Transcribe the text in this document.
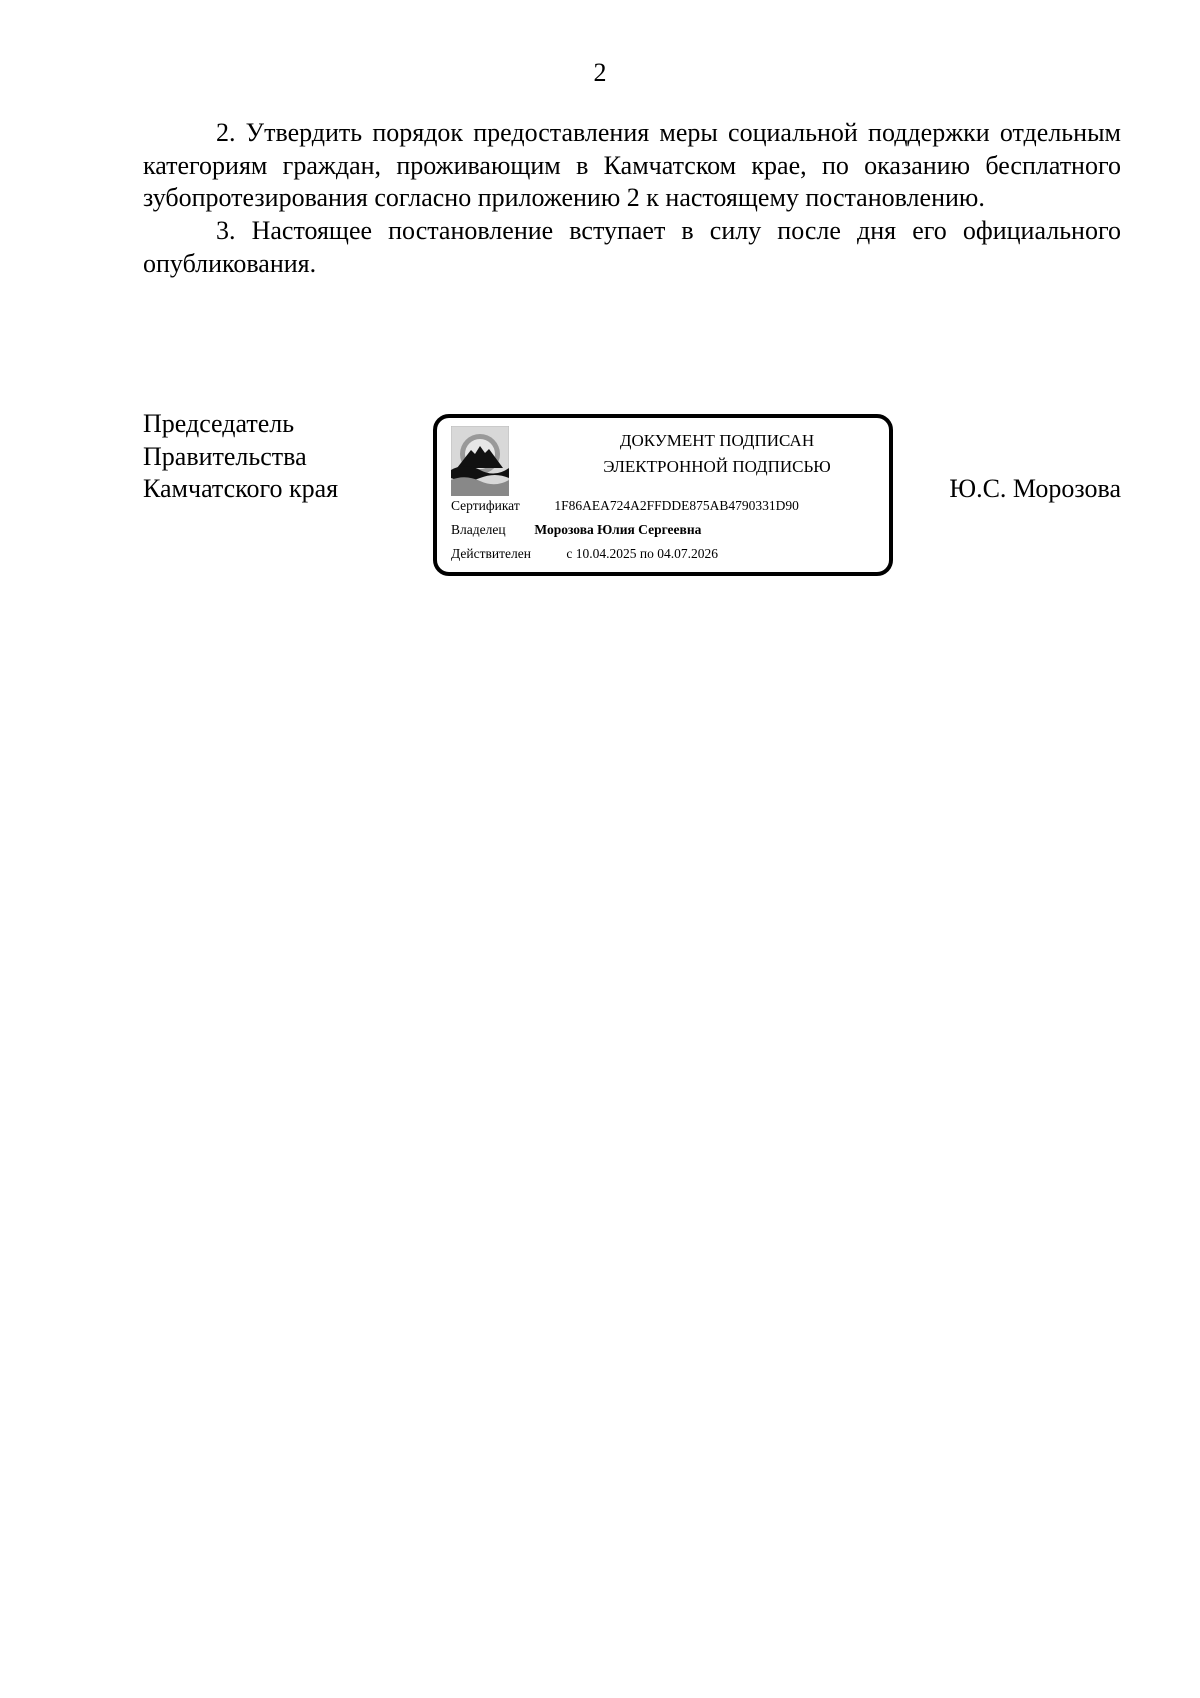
2

2. Утвердить порядок предоставления меры социальной поддержки отдельным категориям граждан, проживающим в Камчатском крае, по оказанию бесплатного зубопротезирования согласно приложению 2 к настоящему постановлению.

3. Настоящее постановление вступает в силу после дня его официального опубликования.

Председатель
Правительства
Камчатского края
ДОКУМЕНТ ПОДПИСАН
ЭЛЕКТРОННОЙ ПОДПИСЬЮ
Сертификат	1F86AEA724A2FFDDE875AB4790331D90
Владелец Морозова Юлия Сергеевна
Действителен	с 10.04.2025 по 04.07.2026
Ю.С. Морозова
